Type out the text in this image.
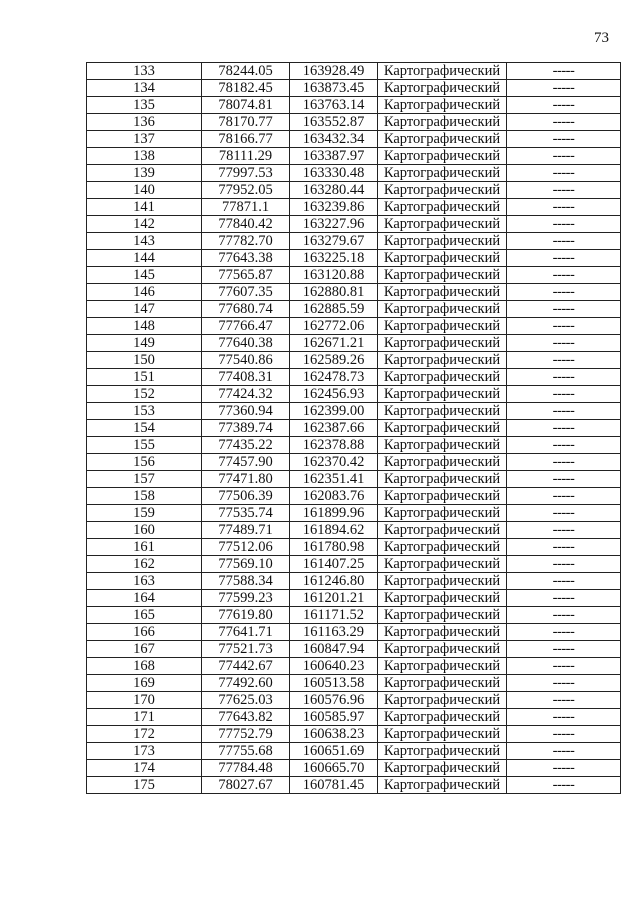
73
133	78244.05	163928.49	Картографический	-----
134	78182.45	163873.45	Картографический	-----
135	78074.81	163763.14	Картографический	-----
136	78170.77	163552.87	Картографический	-----
137	78166.77	163432.34	Картографический	-----
138	78111.29	163387.97	Картографический	-----
139	77997.53	163330.48	Картографический	-----
140	77952.05	163280.44	Картографический	-----
141	77871.1	163239.86	Картографический	-----
142	77840.42	163227.96	Картографический	-----
143	77782.70	163279.67	Картографический	-----
144	77643.38	163225.18	Картографический	-----
145	77565.87	163120.88	Картографический	-----
146	77607.35	162880.81	Картографический	-----
147	77680.74	162885.59	Картографический	-----
148	77766.47	162772.06	Картографический	-----
149	77640.38	162671.21	Картографический	-----
150	77540.86	162589.26	Картографический	-----
151	77408.31	162478.73	Картографический	-----
152	77424.32	162456.93	Картографический	-----
153	77360.94	162399.00	Картографический	-----
154	77389.74	162387.66	Картографический	-----
155	77435.22	162378.88	Картографический	-----
156	77457.90	162370.42	Картографический	-----
157	77471.80	162351.41	Картографический	-----
158	77506.39	162083.76	Картографический	-----
159	77535.74	161899.96	Картографический	-----
160	77489.71	161894.62	Картографический	-----
161	77512.06	161780.98	Картографический	-----
162	77569.10	161407.25	Картографический	-----
163	77588.34	161246.80	Картографический	-----
164	77599.23	161201.21	Картографический	-----
165	77619.80	161171.52	Картографический	-----
166	77641.71	161163.29	Картографический	-----
167	77521.73	160847.94	Картографический	-----
168	77442.67	160640.23	Картографический	-----
169	77492.60	160513.58	Картографический	-----
170	77625.03	160576.96	Картографический	-----
171	77643.82	160585.97	Картографический	-----
172	77752.79	160638.23	Картографический	-----
173	77755.68	160651.69	Картографический	-----
174	77784.48	160665.70	Картографический	-----
175	78027.67	160781.45	Картографический	-----
